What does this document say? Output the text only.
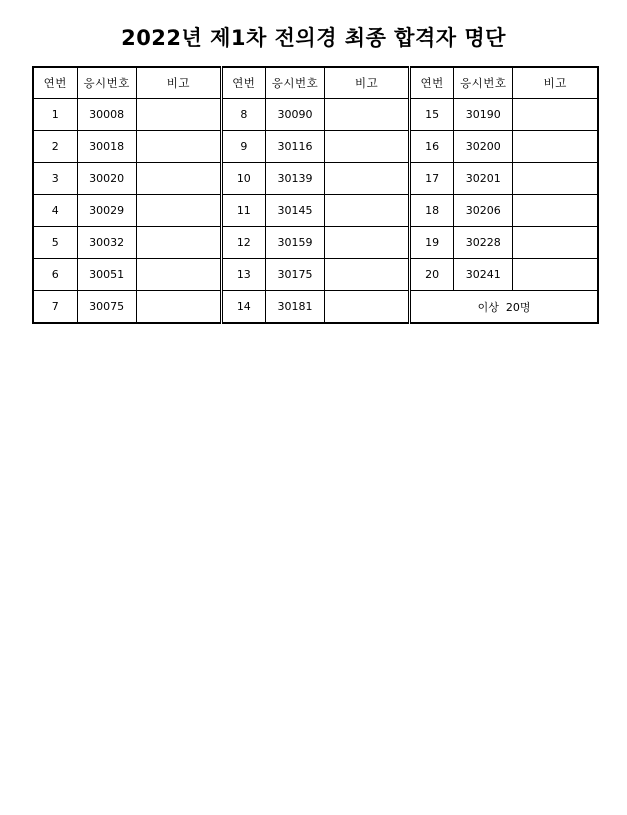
2022년 제1차 전의경 최종 합격자 명단
연번	응시번호	비고	연번	응시번호	비고	연번	응시번호	비고
1	30008		8	30090		15	30190	
2	30018		9	30116		16	30200	
3	30020		10	30139		17	30201	
4	30029		11	30145		18	30206	
5	30032		12	30159		19	30228	
6	30051		13	30175		20	30241	
7	30075		14	30181		이상  20명		
